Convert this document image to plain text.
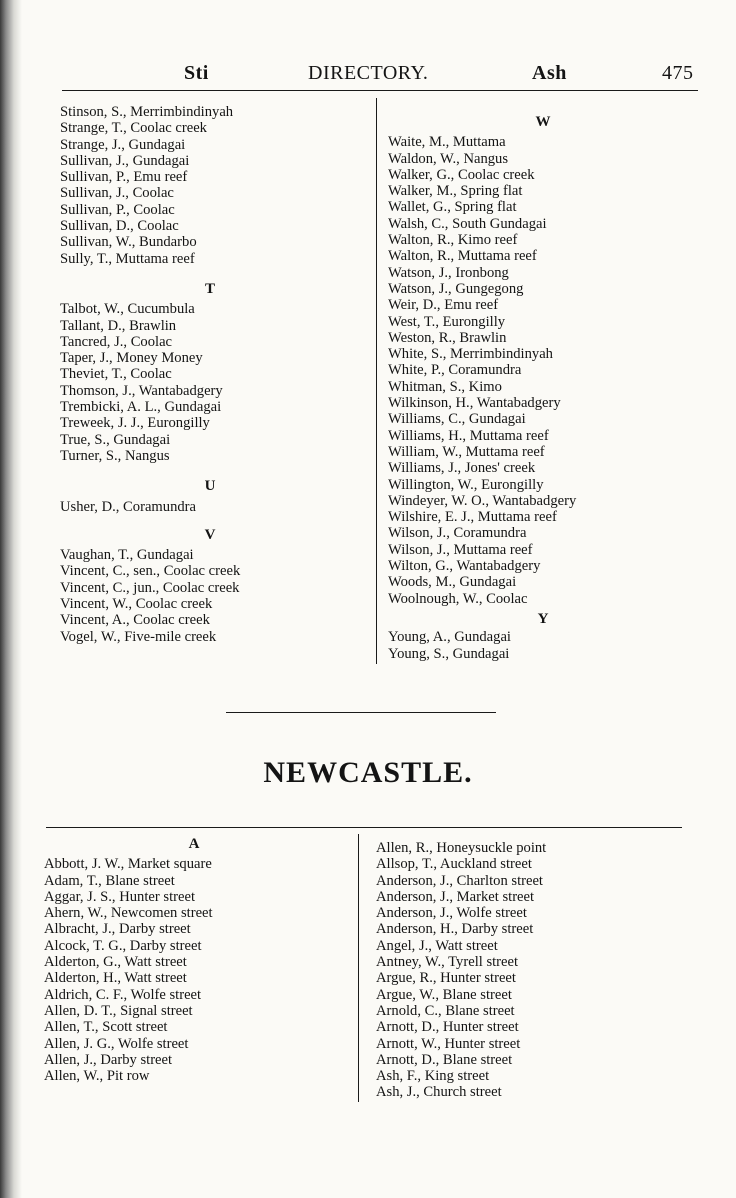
Sti	DIRECTORY.	Ash	475
Stinson, S., Merrimbindinyah
Strange, T., Coolac creek
Strange, J., Gundagai
Sullivan, J., Gundagai
Sullivan, P., Emu reef
Sullivan, J., Coolac
Sullivan, P., Coolac
Sullivan, D., Coolac
Sullivan, W., Bundarbo
Sully, T., Muttama reef
T
Talbot, W., Cucumbula
Tallant, D., Brawlin
Tancred, J., Coolac
Taper, J., Money Money
Theviet, T., Coolac
Thomson, J., Wantabadgery
Trembicki, A. L., Gundagai
Treweek, J. J., Eurongilly
True, S., Gundagai
Turner, S., Nangus
U
Usher, D., Coramundra
V
Vaughan, T., Gundagai
Vincent, C., sen., Coolac creek
Vincent, C., jun., Coolac creek
Vincent, W., Coolac creek
Vincent, A., Coolac creek
Vogel, W., Five-mile creek
W
Waite, M., Muttama
Waldon, W., Nangus
Walker, G., Coolac creek
Walker, M., Spring flat
Wallet, G., Spring flat
Walsh, C., South Gundagai
Walton, R., Kimo reef
Walton, R., Muttama reef
Watson, J., Ironbong
Watson, J., Gungegong
Weir, D., Emu reef
West, T., Eurongilly
Weston, R., Brawlin
White, S., Merrimbindinyah
White, P., Coramundra
Whitman, S., Kimo
Wilkinson, H., Wantabadgery
Williams, C., Gundagai
Williams, H., Muttama reef
William, W., Muttama reef
Williams, J., Jones' creek
Willington, W., Eurongilly
Windeyer, W. O., Wantabadgery
Wilshire, E. J., Muttama reef
Wilson, J., Coramundra
Wilson, J., Muttama reef
Wilton, G., Wantabadgery
Woods, M., Gundagai
Woolnough, W., Coolac
Y
Young, A., Gundagai
Young, S., Gundagai
NEWCASTLE.
A
Abbott, J. W., Market square
Adam, T., Blane street
Aggar, J. S., Hunter street
Ahern, W., Newcomen street
Albracht, J., Darby street
Alcock, T. G., Darby street
Alderton, G., Watt street
Alderton, H., Watt street
Aldrich, C. F., Wolfe street
Allen, D. T., Signal street
Allen, T., Scott street
Allen, J. G., Wolfe street
Allen, J., Darby street
Allen, W., Pit row
Allen, R., Honeysuckle point
Allsop, T., Auckland street
Anderson, J., Charlton street
Anderson, J., Market street
Anderson, J., Wolfe street
Anderson, H., Darby street
Angel, J., Watt street
Antney, W., Tyrell street
Argue, R., Hunter street
Argue, W., Blane street
Arnold, C., Blane street
Arnott, D., Hunter street
Arnott, W., Hunter street
Arnott, D., Blane street
Ash, F., King street
Ash, J., Church street
